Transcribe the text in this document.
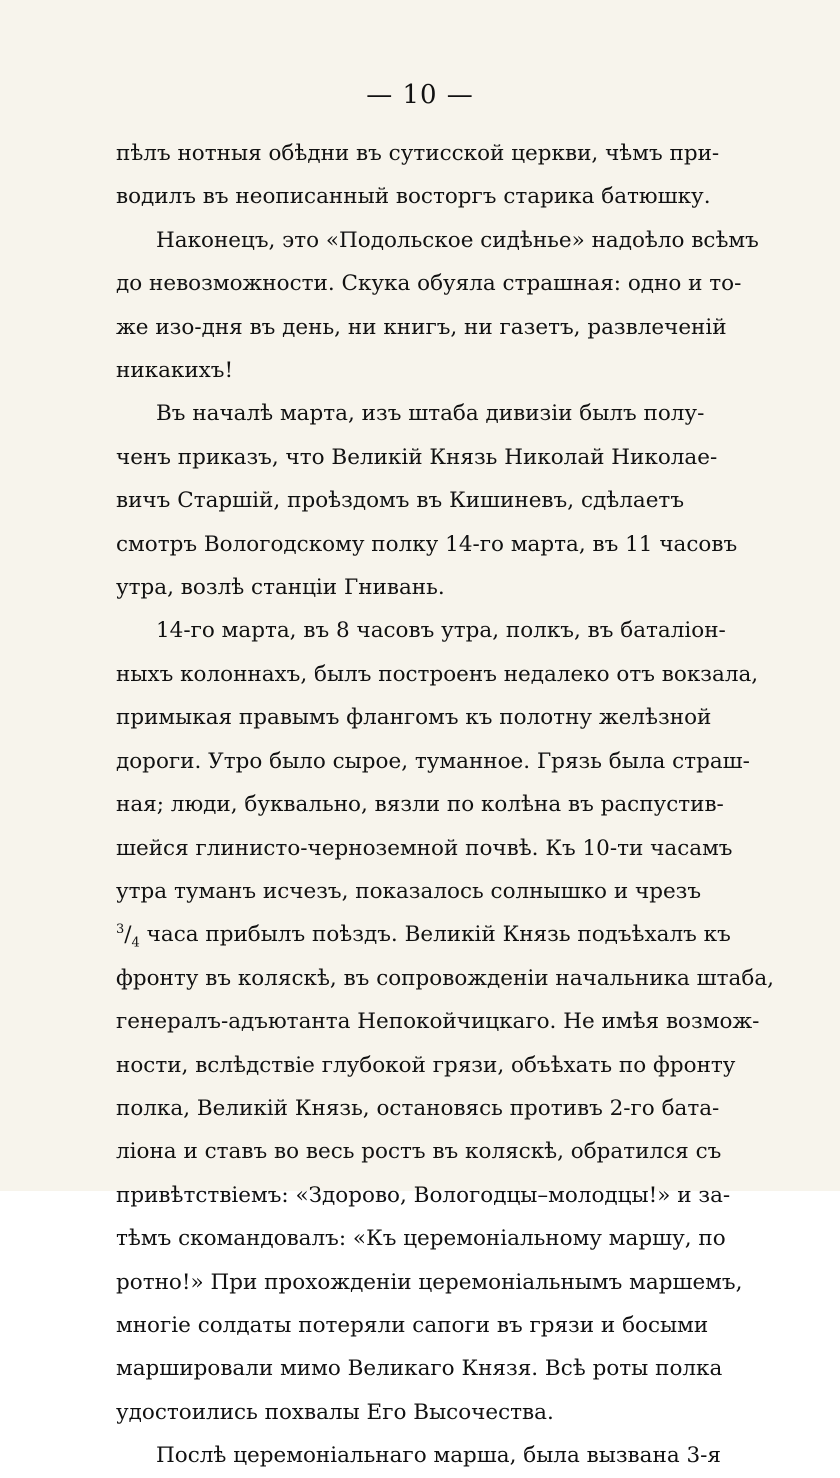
— 10 —
пѣлъ нотныя обѣдни въ сутисской церкви, чѣмъ при-
водилъ въ неописанный восторгъ старика батюшку.
Наконецъ, это «Подольское сидѣнье» надоѣло всѣмъ
до невозможности. Скука обуяла страшная: одно и то-
же изо-дня въ день, ни книгъ, ни газетъ, развлеченій
никакихъ!
Въ началѣ марта, изъ штаба дивизіи былъ полу-
ченъ приказъ, что Великій Князь Николай Николае-
вичъ Старшій, проѣздомъ въ Кишиневъ, сдѣлаетъ
смотръ Вологодскому полку 14-го марта, въ 11 часовъ
утра, возлѣ станціи Гнивань.
14-го марта, въ 8 часовъ утра, полкъ, въ баталіон-
ныхъ колоннахъ, былъ построенъ недалеко отъ вокзала,
примыкая правымъ флангомъ къ полотну желѣзной
дороги. Утро было сырое, туманное. Грязь была страш-
ная; люди, буквально, вязли по колѣна въ распустив-
шейся глинисто-черноземной почвѣ. Къ 10-ти часамъ
утра туманъ исчезъ, показалось солнышко и чрезъ
$^3/_4$ часа прибылъ поѣздъ. Великій Князь подъѣхалъ къ
фронту въ коляскѣ, въ сопровожденіи начальника штаба,
генералъ-адъютанта Непокойчицкаго. Не имѣя возмож-
ности, вслѣдствіе глубокой грязи, объѣхать по фронту
полка, Великій Князь, остановясь противъ 2-го бата-
ліона и ставъ во весь ростъ въ коляскѣ, обратился съ
привѣтствіемъ: «Здорово, Вологодцы–молодцы!» и за-
тѣмъ скомандовалъ: «Къ церемоніальному маршу, по
ротно!» При прохожденіи церемоніальнымъ маршемъ,
многіе солдаты потеряли сапоги въ грязи и босыми
маршировали мимо Великаго Князя. Всѣ роты полка
удостоились похвалы Его Высочества.
Послѣ церемоніальнаго марша, была вызвана 3-я
